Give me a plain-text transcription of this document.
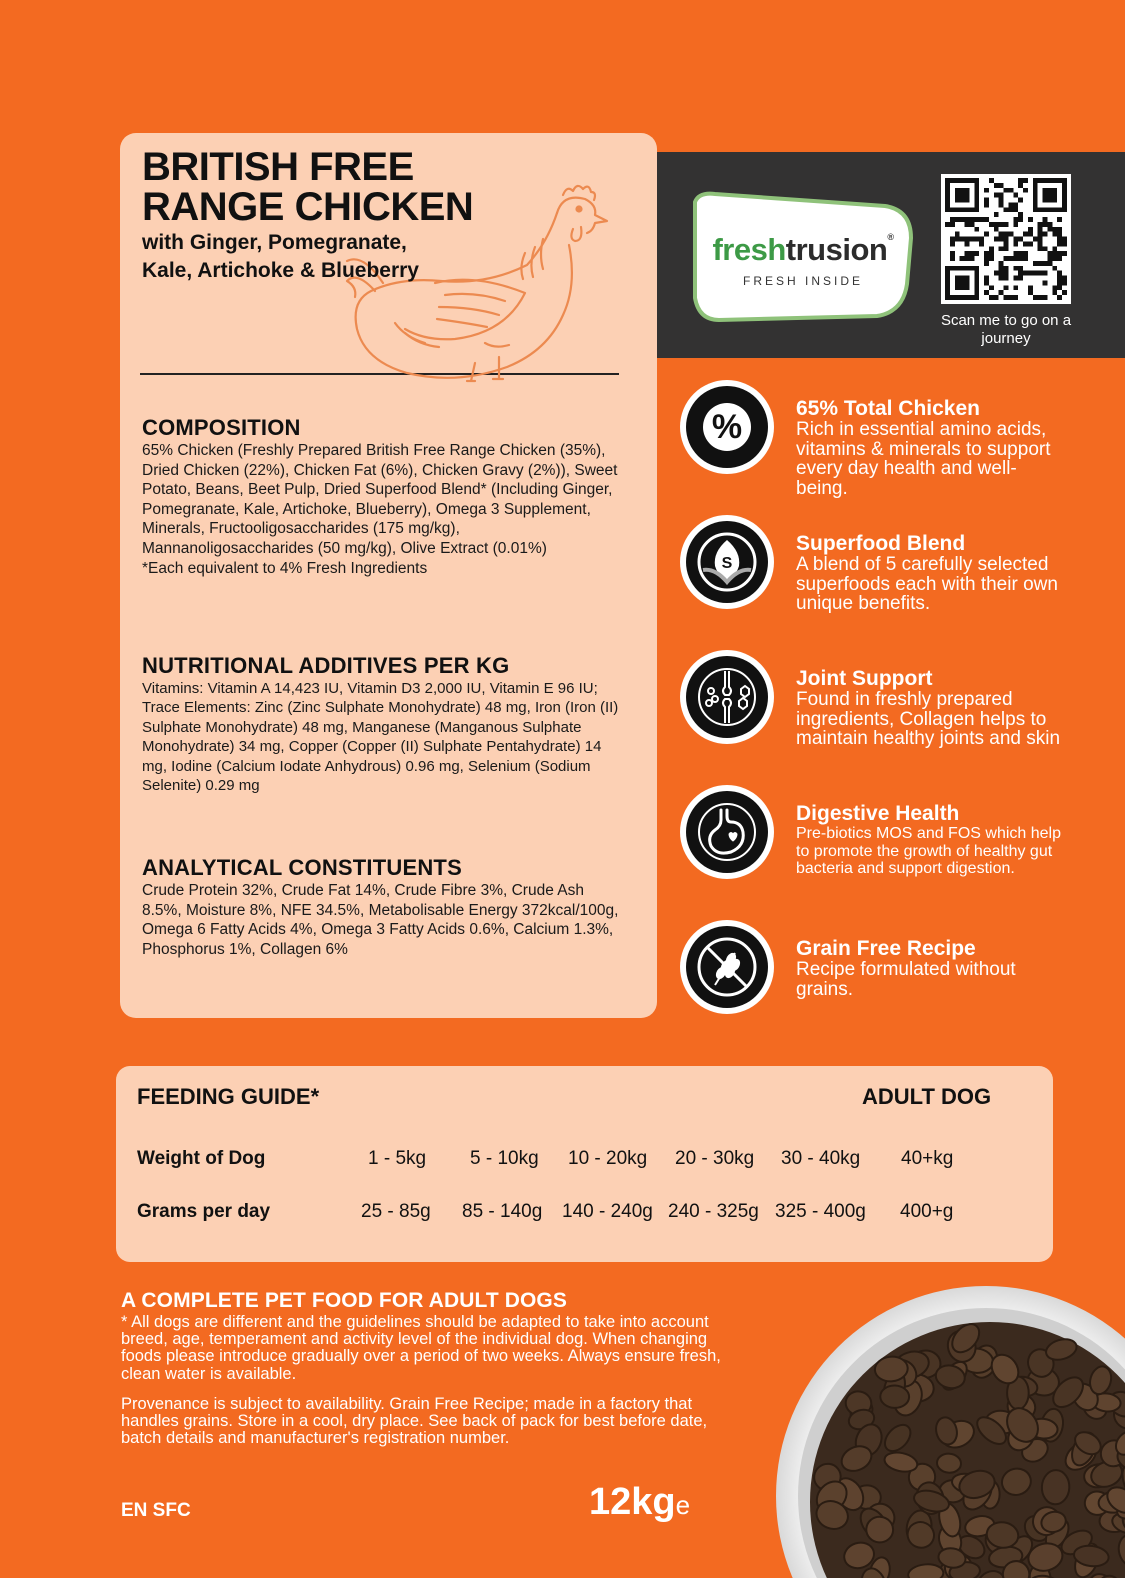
BRITISH FREE RANGE CHICKEN
with Ginger, Pomegranate,
Kale, Artichoke & Blueberry
COMPOSITION
65% Chicken (Freshly Prepared British Free Range Chicken (35%), Dried Chicken (22%), Chicken Fat (6%), Chicken Gravy (2%)), Sweet Potato, Beans, Beet Pulp, Dried Superfood Blend* (Including Ginger, Pomegranate, Kale, Artichoke, Blueberry), Omega 3 Supplement, Minerals, Fructooligosaccharides (175 mg/kg), Mannanoligosaccharides (50 mg/kg), Olive Extract (0.01%)
*Each equivalent to 4% Fresh Ingredients
NUTRITIONAL ADDITIVES PER KG
Vitamins: Vitamin A 14,423 IU, Vitamin D3 2,000 IU, Vitamin E 96 IU; Trace Elements: Zinc (Zinc Sulphate Monohydrate) 48 mg, Iron (Iron (II) Sulphate Monohydrate) 48 mg, Manganese (Manganous Sulphate Monohydrate) 34 mg, Copper (Copper (II) Sulphate Pentahydrate) 14 mg, Iodine (Calcium Iodate Anhydrous) 0.96 mg, Selenium (Sodium Selenite) 0.29 mg
ANALYTICAL CONSTITUENTS
Crude Protein 32%, Crude Fat 14%, Crude Fibre 3%, Crude Ash 8.5%, Moisture 8%, NFE 34.5%, Metabolisable Energy 372kcal/100g, Omega 6 Fatty Acids 4%, Omega 3 Fatty Acids 0.6%, Calcium 1.3%, Phosphorus 1%, Collagen 6%
freshtrusion®
FRESH INSIDE
Scan me to go on a journey
%	65% Total Chicken
Rich in essential amino acids, vitamins & minerals to support every day health and well-being.
S
Superfood Blend
A blend of 5 carefully selected superfoods each with their own unique benefits.
Joint Support
Found in freshly prepared ingredients, Collagen helps to maintain healthy joints and skin
Digestive Health
Pre-biotics MOS and FOS which help to promote the growth of healthy gut bacteria and support digestion.
Grain Free Recipe
Recipe formulated without grains.
FEEDING GUIDE*	ADULT DOG
Weight of Dog	1 - 5kg 5 - 10kg 10 - 20kg 20 - 30kg 30 - 40kg 40+kg
Grams per day	25 - 85g 85 - 140g 140 - 240g 240 - 325g 325 - 400g 400+g
A COMPLETE PET FOOD FOR ADULT DOGS
* All dogs are different and the guidelines should be adapted to take into account breed, age, temperament and activity level of the individual dog. When changing foods please introduce gradually over a period of two weeks. Always ensure fresh, clean water is available.
Provenance is subject to availability. Grain Free Recipe; made in a factory that handles grains. Store in a cool, dry place. See back of pack for best before date, batch details and manufacturer's registration number.
EN SFC	12kge
